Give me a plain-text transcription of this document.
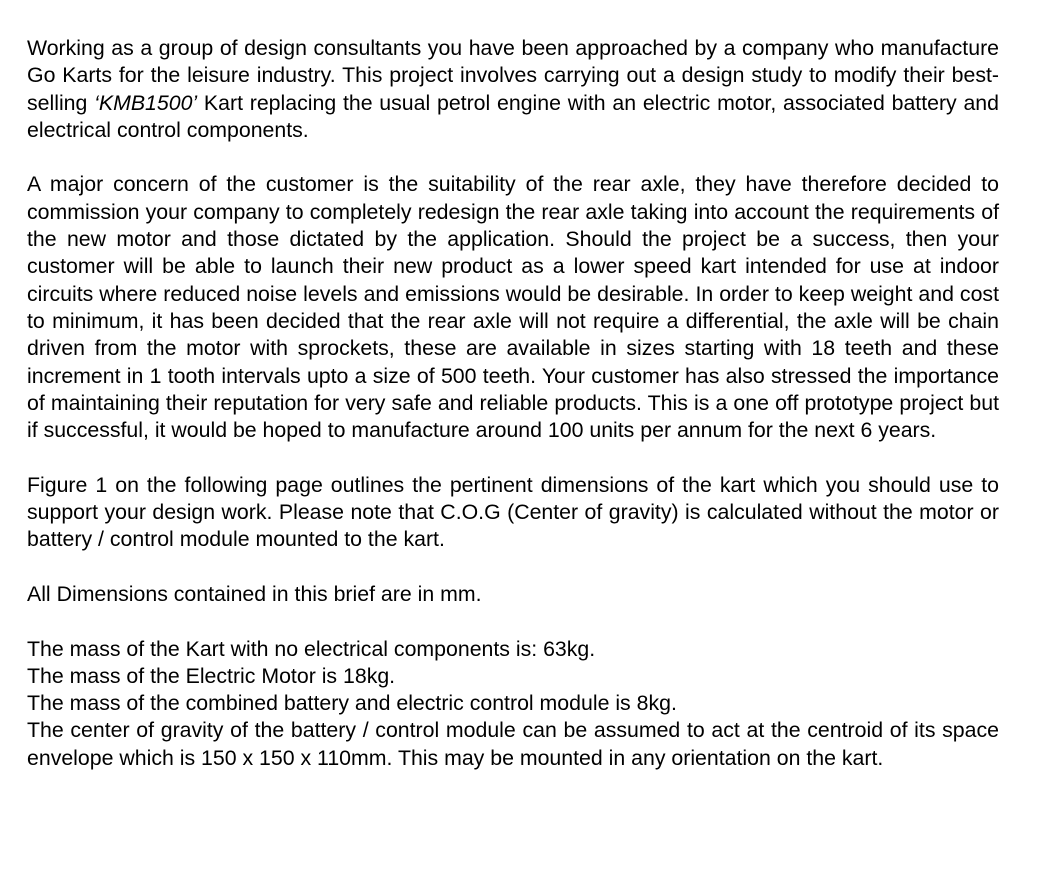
Working as a group of design consultants you have been approached by a company who manufacture Go Karts for the leisure industry. This project involves carrying out a design study to modify their best-selling ‘KMB1500’ Kart replacing the usual petrol engine with an electric motor, associated battery and electrical control components.

A major concern of the customer is the suitability of the rear axle, they have therefore decided to commission your company to completely redesign the rear axle taking into account the requirements of the new motor and those dictated by the application. Should the project be a success, then your customer will be able to launch their new product as a lower speed kart intended for use at indoor circuits where reduced noise levels and emissions would be desirable. In order to keep weight and cost to minimum, it has been decided that the rear axle will not require a differential, the axle will be chain driven from the motor with sprockets, these are available in sizes starting with 18 teeth and these increment in 1 tooth intervals upto a size of 500 teeth. Your customer has also stressed the importance of maintaining their reputation for very safe and reliable products. This is a one off prototype project but if successful, it would be hoped to manufacture around 100 units per annum for the next 6 years.

Figure 1 on the following page outlines the pertinent dimensions of the kart which you should use to support your design work. Please note that C.O.G (Center of gravity) is calculated without the motor or battery / control module mounted to the kart.

All Dimensions contained in this brief are in mm.

The mass of the Kart with no electrical components is: 63kg.
The mass of the Electric Motor is 18kg.
The mass of the combined battery and electric control module is 8kg.
The center of gravity of the battery / control module can be assumed to act at the centroid of its space envelope which is 150 x 150 x 110mm. This may be mounted in any orientation on the kart.
